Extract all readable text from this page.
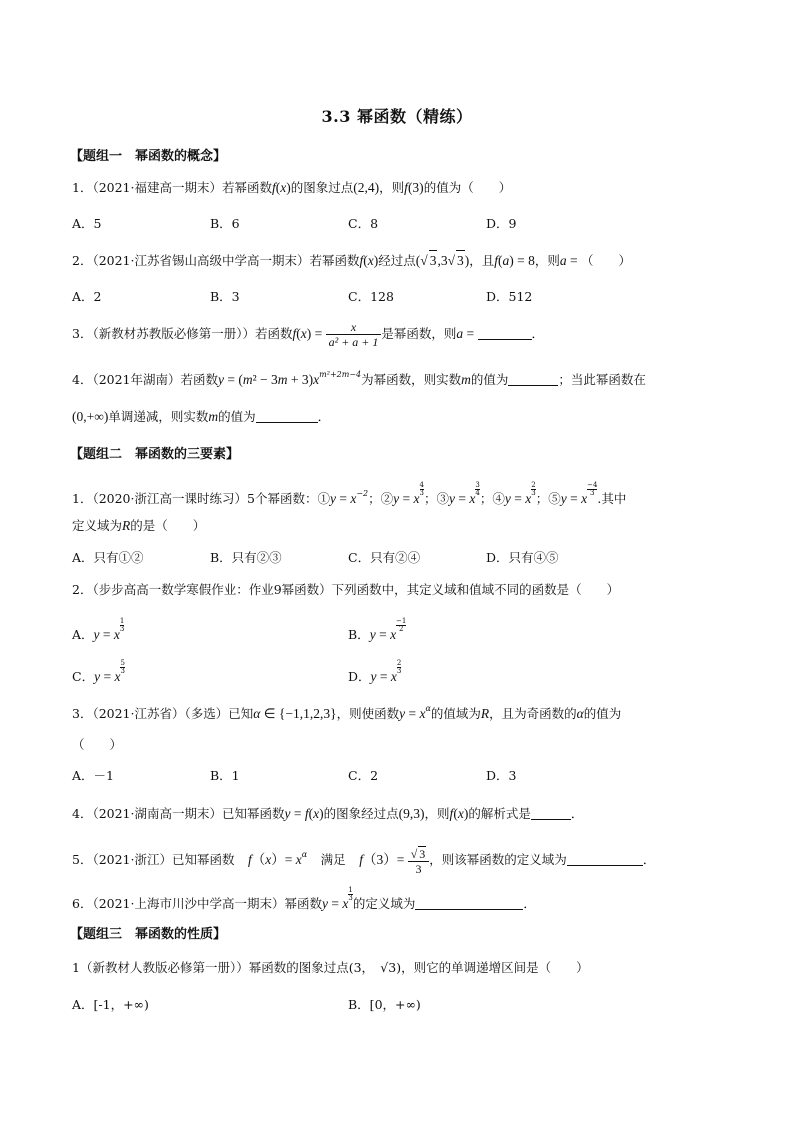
3.3 幂函数（精练）
【题组一　幂函数的概念】
1．（2021·福建高一期末）若幂函数f(x)的图象过点(2,4)，则f(3)的值为（　　）
A．5	B．6	C．8	D．9
2．（2021·江苏省锡山高级中学高一期末）若幂函数f(x)经过点(√ 3,3√ 3)，且f(a) = 8，则a = （　　）
A．2	B．3	C．128	D．512
3．（新教材苏教版必修第一册））若函数$f(x) = \frac{x}{\text{a² + a + 1}}$ 是幂函数，则a =	．
4．（2021年湖南）若函数$y = (m^2 - 3m + 3)x^{m^2+2m-4}$为幂函数，则实数m的值为	；当此幂函数在
(0,+∞)单调递减，则实数m的值为	．
【题组二　幂函数的三要素】
1．（2020·浙江高一课时练习）5个幂函数：①y = $x^{-2}$；②y = x
$\frac{4}{3}$
；③y = x
$\frac{3}{4}$
；④y = x
$\frac{2}{3}$
；⑤y = x
$\frac{-4}{3}$
.其中
定义域为R的是（　　）
A．只有①②	B．只有②③	C．只有②④	D．只有④⑤
2．（步步高高一数学寒假作业：作业9幂函数）下列函数中，其定义域和值域不同的函数是（　　）
A．y = x
$\frac{1}{3}$
B．y = x
$\frac{-1}{2}$
C．y = x
$\frac{5}{3}$
D．y = x
$\frac{2}{3}$
3．（2021·江苏省）（多选）已知α ∈ {−1,1,2,3}，则使函数$y = x^\alpha$的值域为R，且为奇函数的α的值为
（　　）
A．－1	B．1	C．2	D．3
4．（2021·湖南高一期末）已知幂函数y = f(x)的图象经过点(9,3)，则f(x)的解析式是	．
5．（2021·浙江）已知幂函数　 $f(x)= x^\alpha$　 满足　 $f(3)= \frac{√ 3}{3}$ ，则该幂函数的定义域为	．
6．（2021·上海市川沙中学高一期末）幂函数y = x
$\frac{1}{3}$
的定义域为	．
【题组三　幂函数的性质】
1（新教材人教版必修第一册））幂函数的图象过点(3，　√3)，则它的单调递增区间是（　　）
A．[-1，+∞)	B．[0，+∞)
